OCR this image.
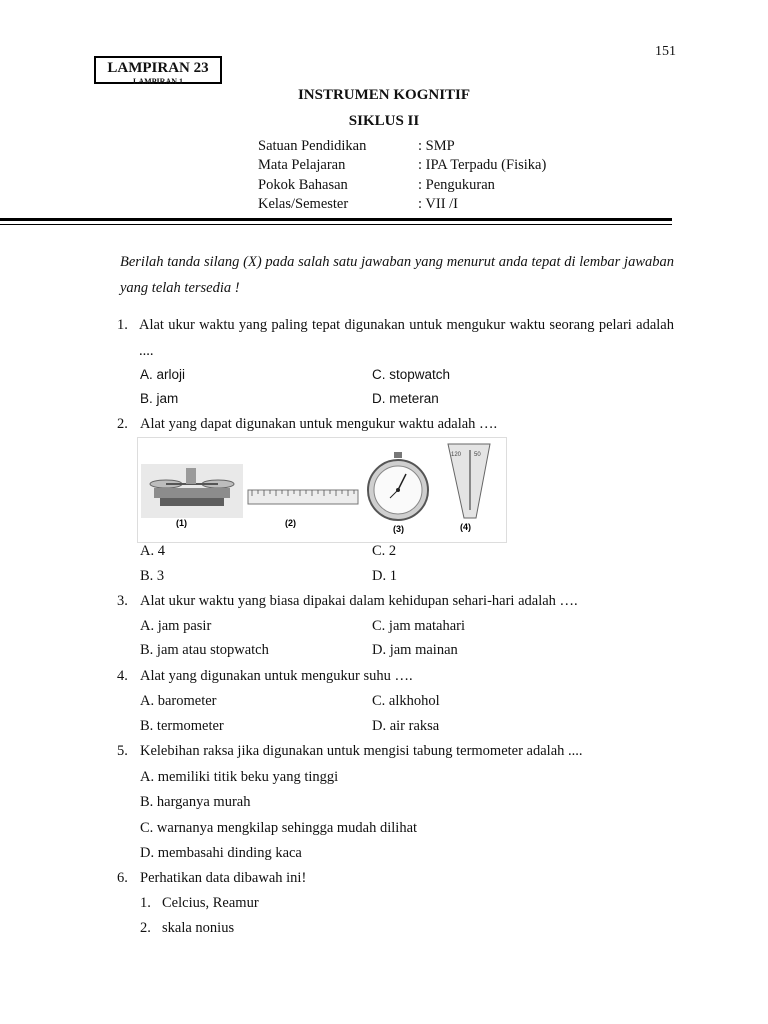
151
LAMPIRAN 23
LAMPIRAN 1
INSTRUMEN KOGNITIF
SIKLUS II
Satuan Pendidikan	: SMP
Mata Pelajaran	: IPA Terpadu (Fisika)
Pokok Bahasan	: Pengukuran
Kelas/Semester	: VII /I
Berilah tanda silang (X) pada salah satu jawaban yang menurut anda tepat di lembar jawaban yang telah tersedia !
1. Alat ukur waktu yang paling tepat digunakan untuk mengukur waktu seorang pelari adalah ....
A. arloji	C. stopwatch
B. jam	D. meteran
2. Alat yang dapat digunakan untuk mengukur waktu adalah ….
(1)	(2)
(3)
120 50
(4)
A. 4	C. 2
B. 3	D. 1
3. Alat ukur waktu yang biasa dipakai dalam kehidupan sehari-hari adalah ….
A. jam pasir	C. jam matahari
B. jam atau stopwatch	D. jam mainan
4. Alat yang digunakan untuk mengukur suhu ….
A. barometer	C. alkhohol
B. termometer	D. air raksa
5. Kelebihan raksa jika digunakan untuk mengisi tabung termometer adalah ....
A. memiliki titik beku yang tinggi
B. harganya murah
C. warnanya mengkilap sehingga mudah dilihat
D. membasahi dinding kaca
6. Perhatikan data dibawah ini!
1. Celcius, Reamur
2. skala nonius
